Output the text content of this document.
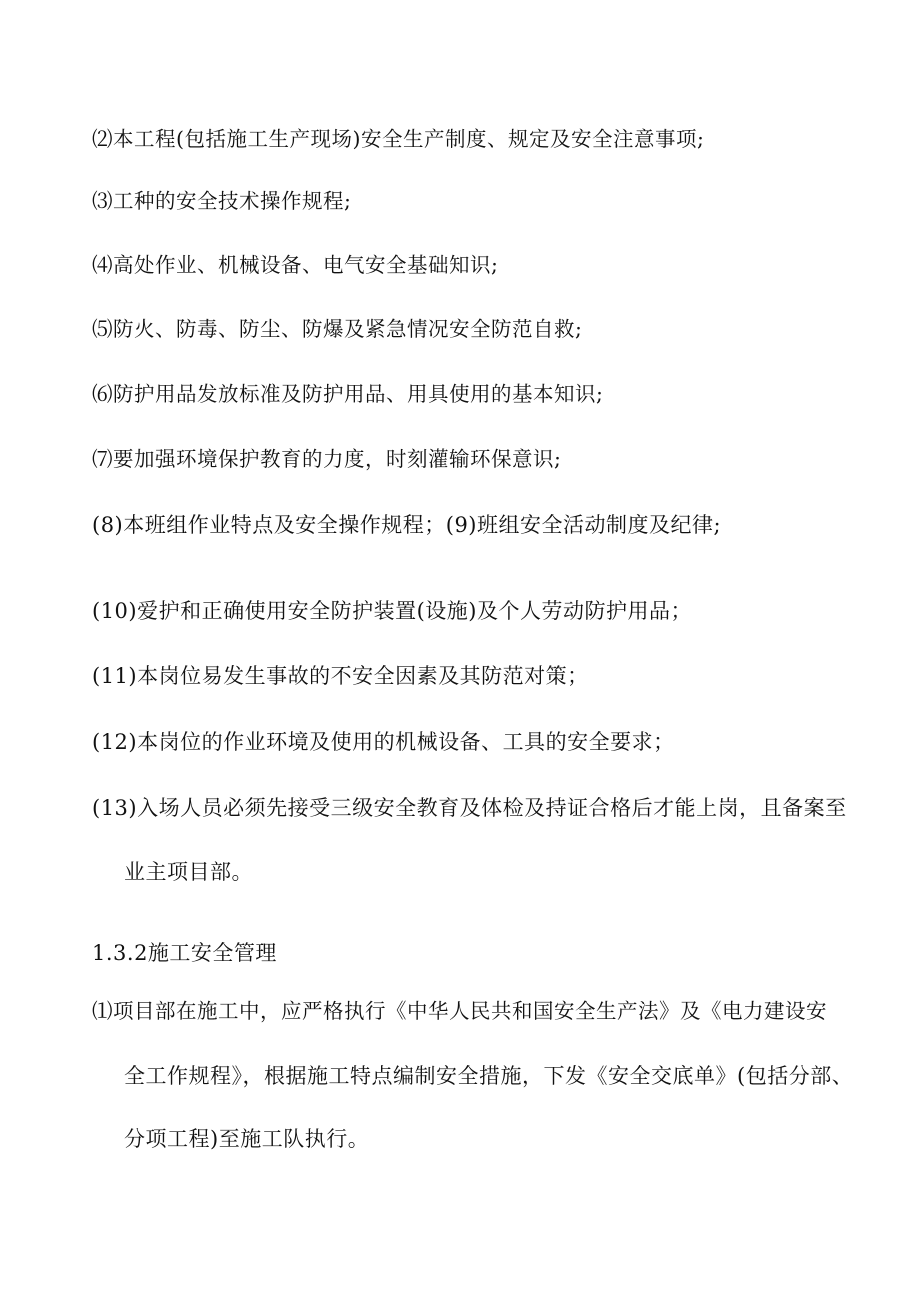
⑵本工程(包括施工生产现场)安全生产制度、规定及安全注意事项;
⑶工种的安全技术操作规程;
⑷高处作业、机械设备、电气安全基础知识;
⑸防火、防毒、防尘、防爆及紧急情况安全防范自救;
⑹防护用品发放标准及防护用品、用具使用的基本知识;
⑺要加强环境保护教育的力度，时刻灌输环保意识;
(8)本班组作业特点及安全操作规程；(9)班组安全活动制度及纪律;
(10)爱护和正确使用安全防护装置(设施)及个人劳动防护用品；
(11)本岗位易发生事故的不安全因素及其防范对策；
(12)本岗位的作业环境及使用的机械设备、工具的安全要求；
(13)入场人员必须先接受三级安全教育及体检及持证合格后才能上岗，且备案至
业主项目部。
1.3.2施工安全管理
⑴项目部在施工中，应严格执行《中华人民共和国安全生产法》及《电力建设安
全工作规程》，根据施工特点编制安全措施，下发《安全交底单》(包括分部、
分项工程)至施工队执行。
